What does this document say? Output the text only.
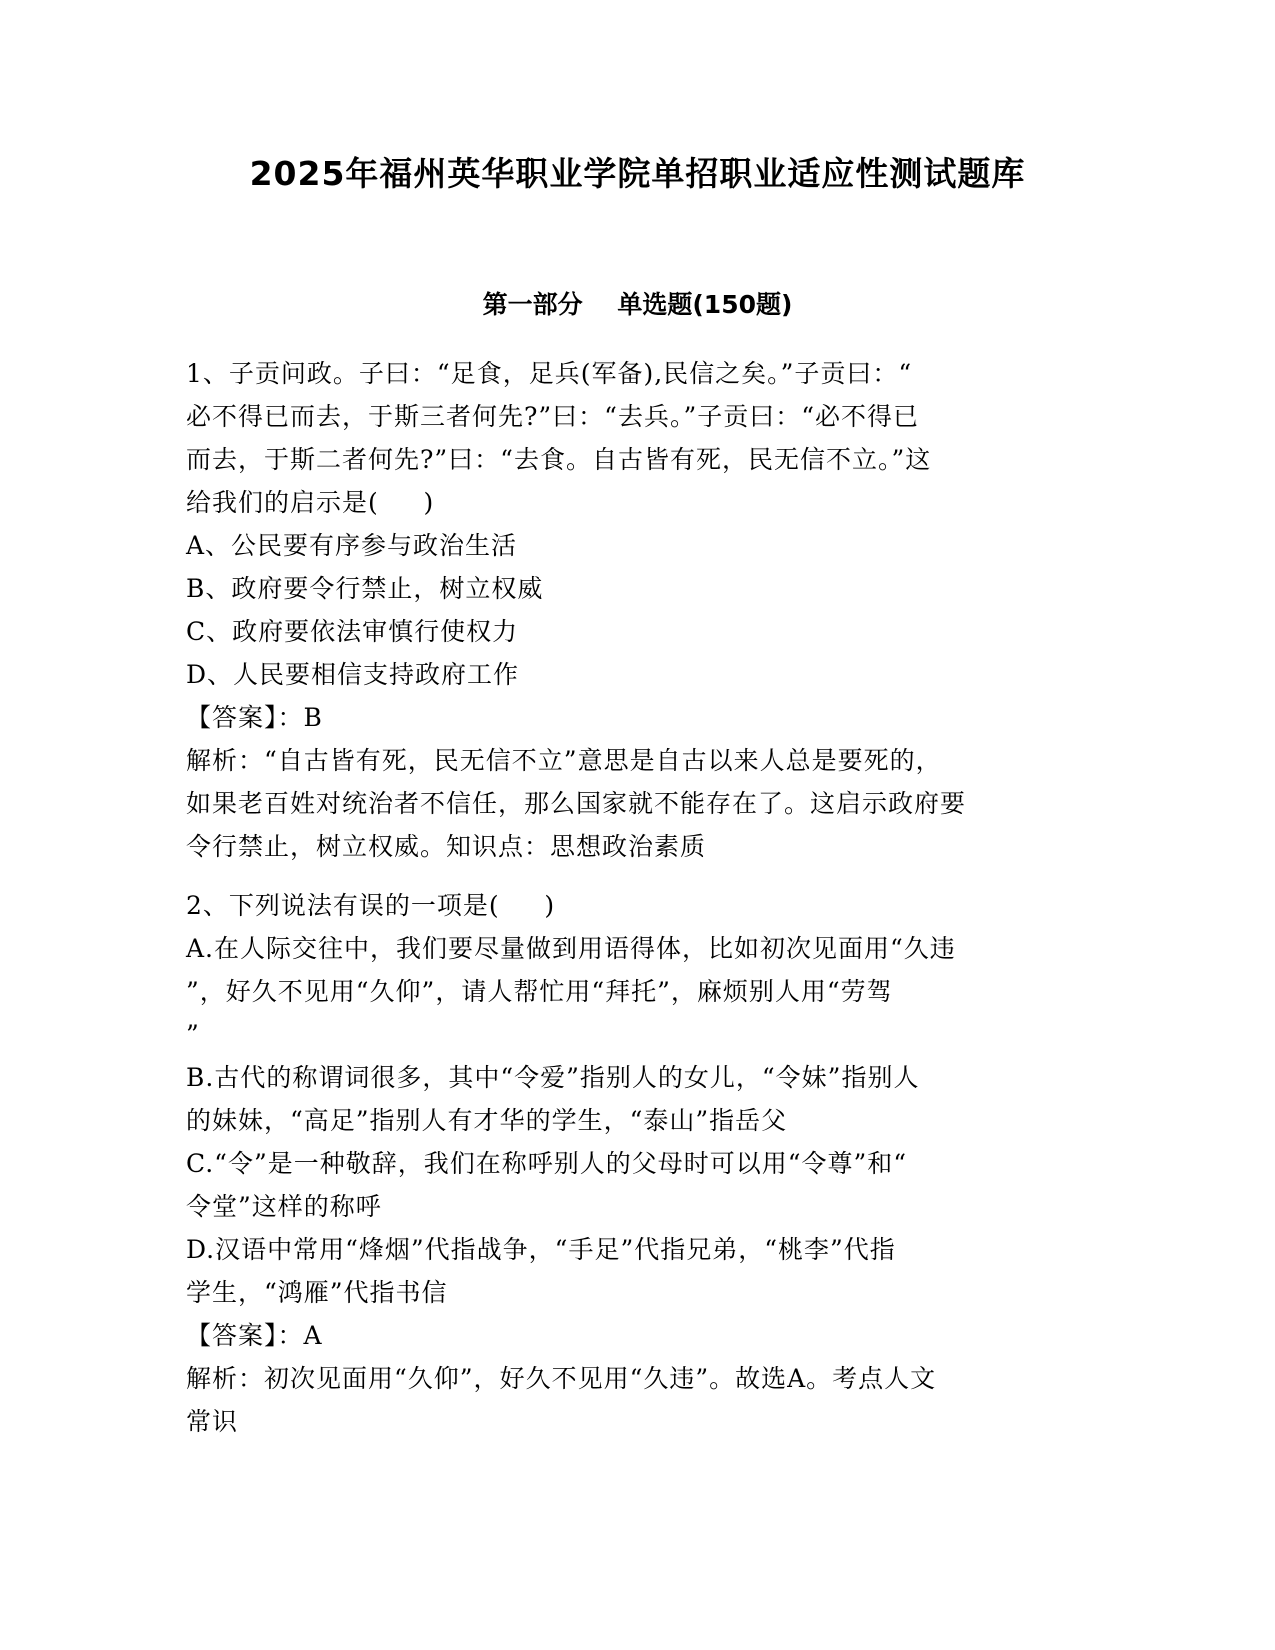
2025年福州英华职业学院单招职业适应性测试题库
第一部分    单选题(150题)

1、子贡问政。子曰：“足食，足兵(军备),民信之矣。”子贡曰：“

必不得已而去，于斯三者何先?”曰：“去兵。”子贡曰：“必不得已

而去，于斯二者何先?”曰：“去食。自古皆有死，民无信不立。”这

给我们的启示是(     )

A、公民要有序参与政治生活

B、政府要令行禁止，树立权威

C、政府要依法审慎行使权力

D、人民要相信支持政府工作

【答案】：B

解析：“自古皆有死，民无信不立”意思是自古以来人总是要死的，

如果老百姓对统治者不信任，那么国家就不能存在了。这启示政府要

令行禁止，树立权威。知识点：思想政治素质

2、下列说法有误的一项是(     )

A.在人际交往中，我们要尽量做到用语得体，比如初次见面用“久违

”，好久不见用“久仰”，请人帮忙用“拜托”，麻烦别人用“劳驾

”

B.古代的称谓词很多，其中“令爱”指别人的女儿，“令妹”指别人

的妹妹，“高足”指别人有才华的学生，“泰山”指岳父

C.“令”是一种敬辞，我们在称呼别人的父母时可以用“令尊”和“

令堂”这样的称呼

D.汉语中常用“烽烟”代指战争，“手足”代指兄弟，“桃李”代指

学生，“鸿雁”代指书信

【答案】：A

解析：初次见面用“久仰”，好久不见用“久违”。故选A。考点人文

常识
